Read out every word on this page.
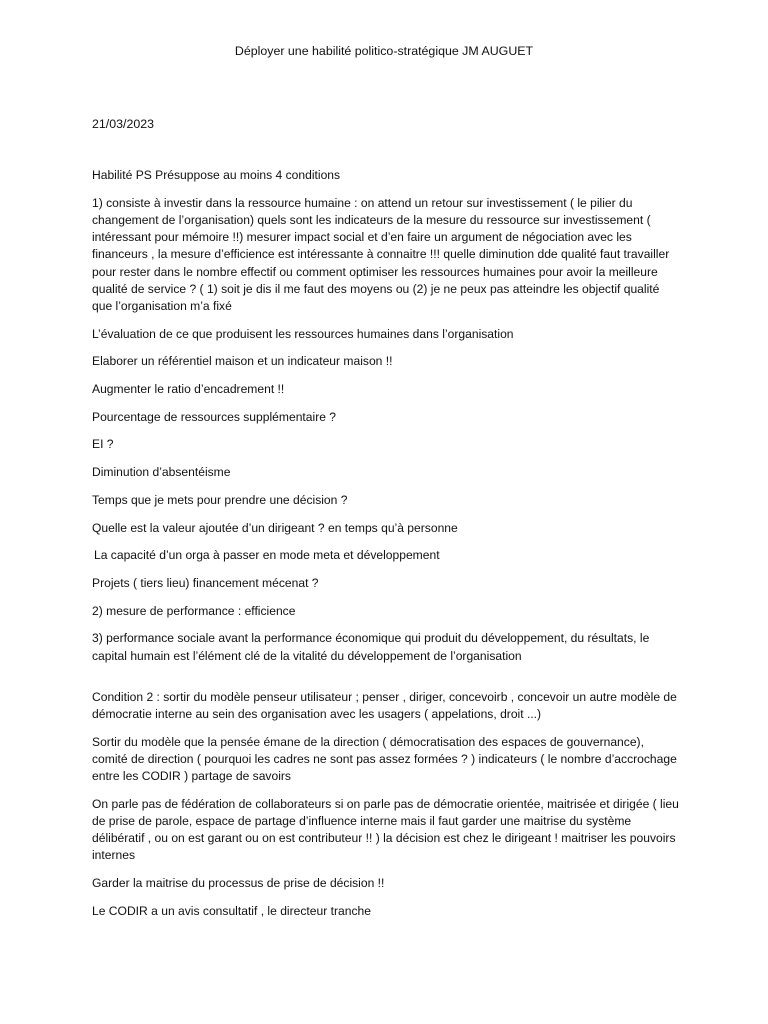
Déployer une habilité politico-stratégique JM AUGUET
21/03/2023

Habilité PS Présuppose au moins 4 conditions

1) consiste à investir dans la ressource humaine : on attend un retour sur investissement ( le pilier du changement de l’organisation) quels sont les indicateurs de la mesure du ressource sur investissement ( intéressant pour mémoire !!) mesurer impact social et d’en faire un argument de négociation avec les financeurs , la mesure d’efficience est intéressante à connaitre !!! quelle diminution dde qualité faut travailler pour rester dans le nombre effectif ou comment optimiser les ressources humaines pour avoir la meilleure qualité de service ? ( 1) soit je dis il me faut des moyens ou (2) je ne peux pas atteindre les objectif qualité que l’organisation m’a fixé

L’évaluation de ce que produisent les ressources humaines dans l’organisation

Elaborer un référentiel maison et un indicateur maison !!

Augmenter le ratio d’encadrement !!

Pourcentage de ressources supplémentaire ?

EI ?

Diminution d’absentéisme

Temps que je mets pour prendre une décision ?

Quelle est la valeur ajoutée d’un dirigeant ? en temps qu’à personne

La capacité d’un orga à passer en mode meta et développement

Projets ( tiers lieu) financement mécenat ?

2) mesure de performance : efficience

3) performance sociale avant la performance économique qui produit du développement, du résultats, le capital humain est l’élément clé de la vitalité du développement de l’organisation

Condition 2 : sortir du modèle penseur utilisateur ; penser , diriger, concevoirb , concevoir un autre modèle de démocratie interne au sein des organisation avec les usagers ( appelations, droit ...)

Sortir du modèle que la pensée émane de la direction ( démocratisation des espaces de gouvernance), comité de direction ( pourquoi les cadres ne sont pas assez formées ? ) indicateurs ( le nombre d’accrochage entre les CODIR ) partage de savoirs

On parle pas de fédération de collaborateurs si on parle pas de démocratie orientée, maitrisée et dirigée ( lieu de prise de parole, espace de partage d’influence interne mais il faut garder une maitrise du système délibératif , ou on est garant ou on est contributeur !! ) la décision est chez le dirigeant ! maitriser les pouvoirs internes

Garder la maitrise du processus de prise de décision !!

Le CODIR a un avis consultatif , le directeur tranche
